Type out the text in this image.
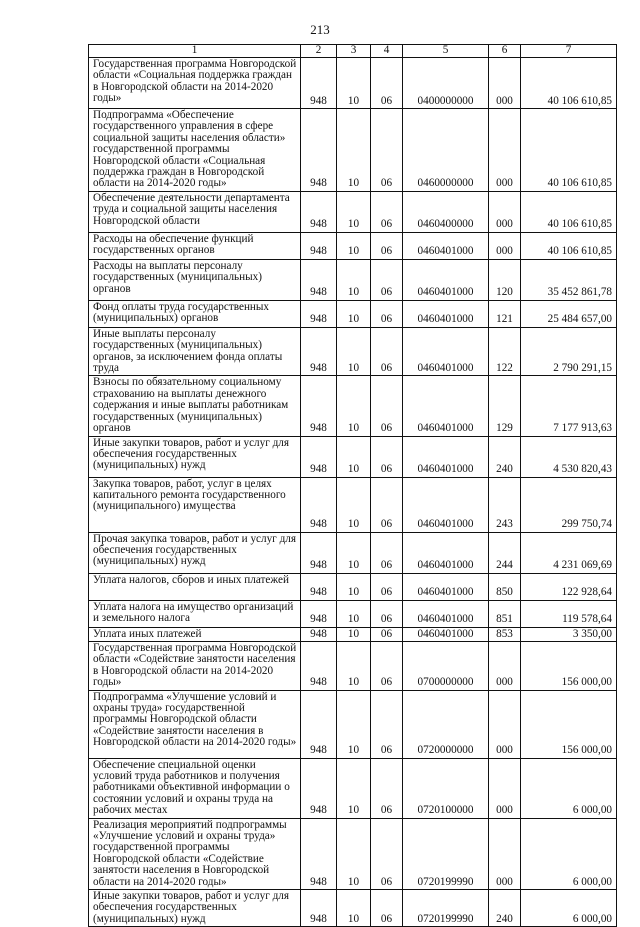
213
1	2	3	4	5	6	7
Государственная программа Новгородской области «Социальная поддержка граждан в Новгородской области на 2014-2020 годы»	948	10	06	0400000000	000	40 106 610,85
Подпрограмма «Обеспечение государственного управления в сфере социальной защиты населения области» государственной программы Новгородской области «Социальная поддержка граждан в Новгородской области на 2014-2020 годы»	948	10	06	0460000000	000	40 106 610,85
Обеспечение деятельности департамента труда и социальной защиты населения Новгородской области	948	10	06	0460400000	000	40 106 610,85
Расходы на обеспечение функций государственных органов	948	10	06	0460401000	000	40 106 610,85
Расходы на выплаты персоналу государственных (муниципальных) органов	948	10	06	0460401000	120	35 452 861,78
Фонд оплаты труда государственных (муниципальных) органов	948	10	06	0460401000	121	25 484 657,00
Иные выплаты персоналу государственных (муниципальных) органов, за исключением фонда оплаты труда	948	10	06	0460401000	122	2 790 291,15
Взносы по обязательному социальному страхованию на выплаты денежного содержания и иные выплаты работникам государственных (муниципальных) органов	948	10	06	0460401000	129	7 177 913,63
Иные закупки товаров, работ и услуг для обеспечения государственных (муниципальных) нужд	948	10	06	0460401000	240	4 530 820,43
Закупка товаров, работ, услуг в целях капитального ремонта государственного (муниципального) имущества	948	10	06	0460401000	243	299 750,74
Прочая закупка товаров, работ и услуг для обеспечения государственных (муниципальных) нужд	948	10	06	0460401000	244	4 231 069,69
Уплата налогов, сборов и иных платежей	948	10	06	0460401000	850	122 928,64
Уплата налога на имущество организаций и земельного налога	948	10	06	0460401000	851	119 578,64
Уплата иных платежей	948	10	06	0460401000	853	3 350,00
Государственная программа Новгородской области «Содействие занятости населения в Новгородской области на 2014-2020 годы»	948	10	06	0700000000	000	156 000,00
Подпрограмма «Улучшение условий и охраны труда» государственной программы Новгородской области «Содействие занятости населения в Новгородской области на 2014-2020 годы»	948	10	06	0720000000	000	156 000,00
Обеспечение специальной оценки условий труда работников и получения работниками объективной информации о состоянии условий и охраны труда на рабочих местах	948	10	06	0720100000	000	6 000,00
Реализация мероприятий подпрограммы «Улучшение условий и охраны труда» государственной программы Новгородской области «Содействие занятости населения в Новгородской области на 2014-2020 годы»	948	10	06	0720199990	000	6 000,00
Иные закупки товаров, работ и услуг для обеспечения государственных (муниципальных) нужд	948	10	06	0720199990	240	6 000,00
